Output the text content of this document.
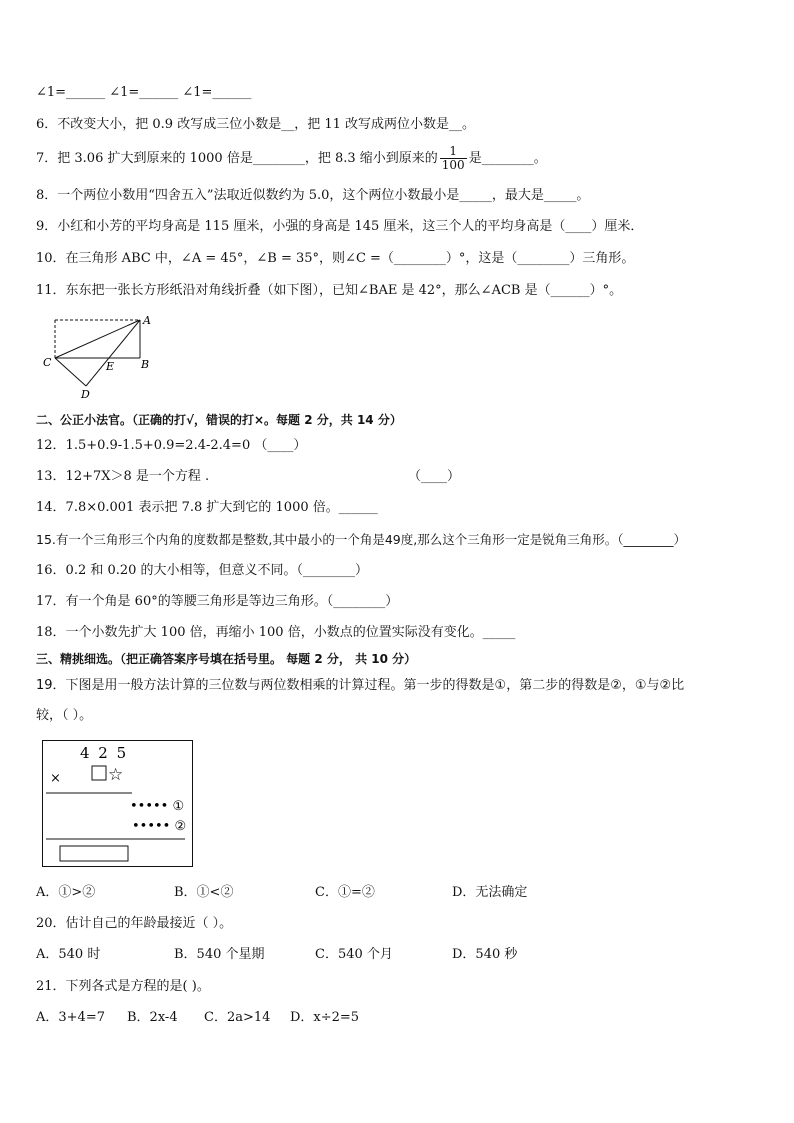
∠1=______ ∠1=______ ∠1=______
6．不改变大小，把 0.9 改写成三位小数是__，把 11 改写成两位小数是__。
7．把 3.06 扩大到原来的 1000 倍是________，把 8.3 缩小到原来的 $\frac{1}{100}$ 是________。
8．一个两位小数用“四舍五入”法取近似数约为 5.0，这个两位小数最小是_____，最大是_____。
9．小红和小芳的平均身高是 115 厘米，小强的身高是 145 厘米，这三个人的平均身高是（____）厘米．
10．在三角形 ABC 中，∠A = 45°，∠B = 35°，则∠C =（________）°，这是（________）三角形。
11．东东把一张长方形纸沿对角线折叠（如下图），已知∠BAE 是 42°，那么∠ACB 是（______）°。
A
B
C
D
E
二、公正小法官。（正确的打√，错误的打×。每题 2 分，共 14 分）
12．1.5+0.9-1.5+0.9=2.4-2.4=0 （____）
13．12+7X＞8 是一个方程 .	（____）
14．7.8×0.001 表示把 7.8 扩大到它的 1000 倍。______
15.有一个三角形三个内角的度数都是整数,其中最小的一个角是49度,那么这个三角形一定是锐角三角形。（________）
16．0.2 和 0.20 的大小相等，但意义不同。（________）
17．有一个角是 60°的等腰三角形是等边三角形。（________）
18．一个小数先扩大 100 倍，再缩小 100 倍，小数点的位置实际没有变化。_____
三、精挑细选。（把正确答案序号填在括号里。 每题 2 分， 共 10 分）
19．下图是用一般方法计算的三位数与两位数相乘的计算过程。第一步的得数是①，第二步的得数是②，①与②比
较，（ ）。
4 2 5
×	☆
••••• ①
••••• ②
A．①>②	B．①<②	C．①=②	D．无法确定
20．估计自己的年龄最接近（ ）。
A．540 时	B．540 个星期	C．540 个月	D．540 秒
21．下列各式是方程的是( )。
A．3+4=7 B．2x-4 C．2a>14 D．x÷2=5
